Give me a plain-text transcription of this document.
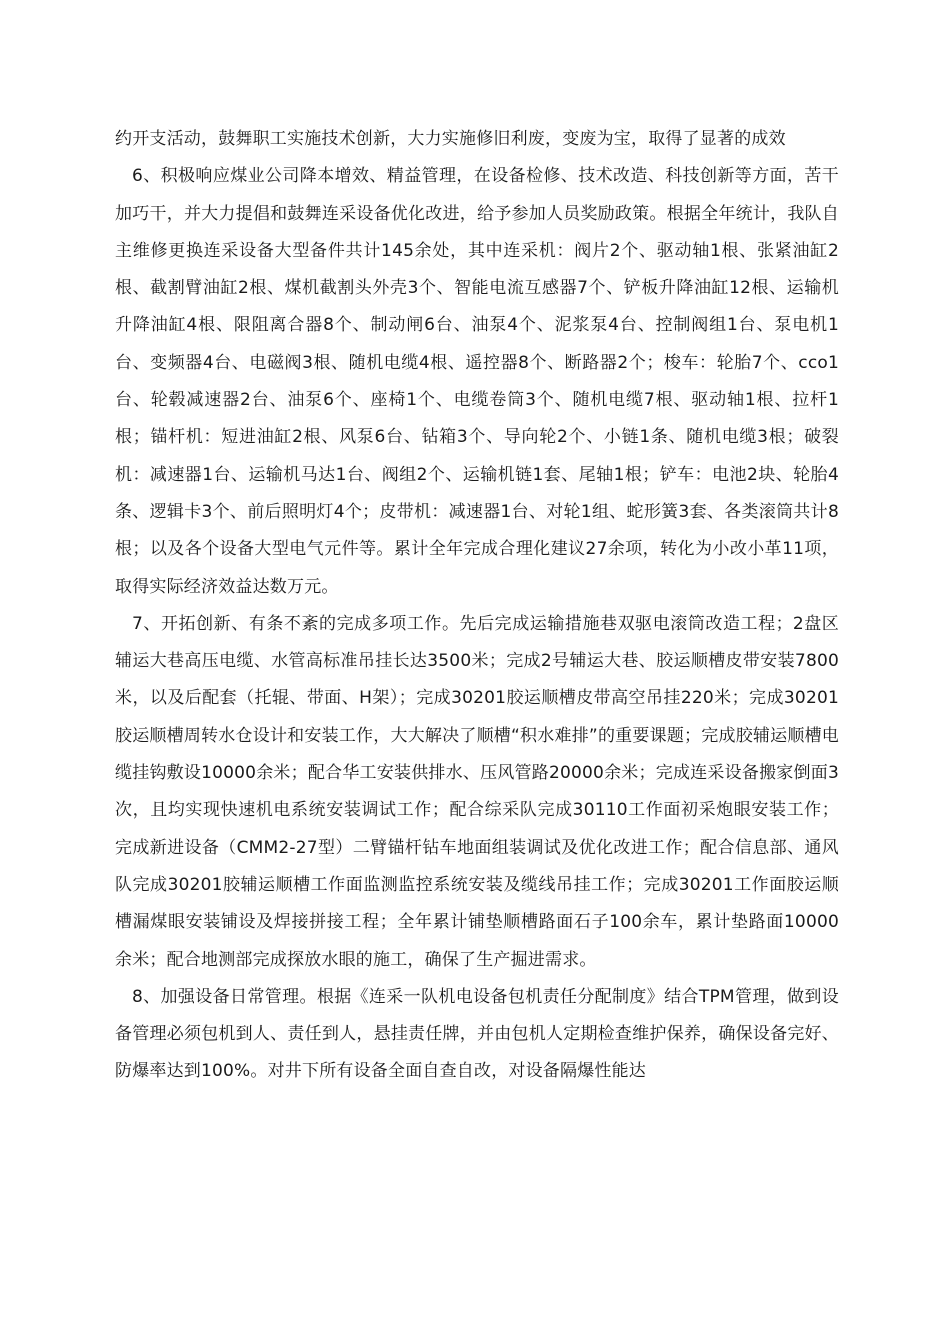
约开支活动，鼓舞职工实施技术创新，大力实施修旧利废，变废为宝，取得了显著的成效

6、积极响应煤业公司降本增效、精益管理，在设备检修、技术改造、科技创新等方面，苦干加巧干，并大力提倡和鼓舞连采设备优化改进，给予参加人员奖励政策。根据全年统计，我队自主维修更换连采设备大型备件共计145余处，其中连采机：阀片2个、驱动轴1根、张紧油缸2根、截割臂油缸2根、煤机截割头外壳3个、智能电流互感器7个、铲板升降油缸12根、运输机升降油缸4根、限阻离合器8个、制动闸6台、油泵4个、泥浆泵4台、控制阀组1台、泵电机1台、变频器4台、电磁阀3根、随机电缆4根、遥控器8个、断路器2个；梭车：轮胎7个、cco1台、轮毂减速器2台、油泵6个、座椅1个、电缆卷筒3个、随机电缆7根、驱动轴1根、拉杆1根；锚杆机：短进油缸2根、风泵6台、钻箱3个、导向轮2个、小链1条、随机电缆3根；破裂机：减速器1台、运输机马达1台、阀组2个、运输机链1套、尾轴1根；铲车：电池2块、轮胎4条、逻辑卡3个、前后照明灯4个；皮带机：减速器1台、对轮1组、蛇形簧3套、各类滚筒共计8根；以及各个设备大型电气元件等。累计全年完成合理化建议27余项，转化为小改小革11项，取得实际经济效益达数万元。

7、开拓创新、有条不紊的完成多项工作。先后完成运输措施巷双驱电滚筒改造工程；2盘区辅运大巷高压电缆、水管高标准吊挂长达3500米；完成2号辅运大巷、胶运顺槽皮带安装7800米，以及后配套（托辊、带面、H架）；完成30201胶运顺槽皮带高空吊挂220米；完成30201胶运顺槽周转水仓设计和安装工作，大大解决了顺槽“积水难排”的重要课题；完成胶辅运顺槽电缆挂钩敷设10000余米；配合华工安装供排水、压风管路20000余米；完成连采设备搬家倒面3次，且均实现快速机电系统安装调试工作；配合综采队完成30110工作面初采炮眼安装工作；完成新进设备（CMM2-27型）二臂锚杆钻车地面组装调试及优化改进工作；配合信息部、通风队完成30201胶辅运顺槽工作面监测监控系统安装及缆线吊挂工作；完成30201工作面胶运顺槽漏煤眼安装铺设及焊接拼接工程；全年累计铺垫顺槽路面石子100余车，累计垫路面10000余米；配合地测部完成探放水眼的施工，确保了生产掘进需求。

8、加强设备日常管理。根据《连采一队机电设备包机责任分配制度》结合TPM管理，做到设备管理必须包机到人、责任到人，悬挂责任牌，并由包机人定期检查维护保养，确保设备完好、防爆率达到100%。对井下所有设备全面自查自改，对设备隔爆性能达
